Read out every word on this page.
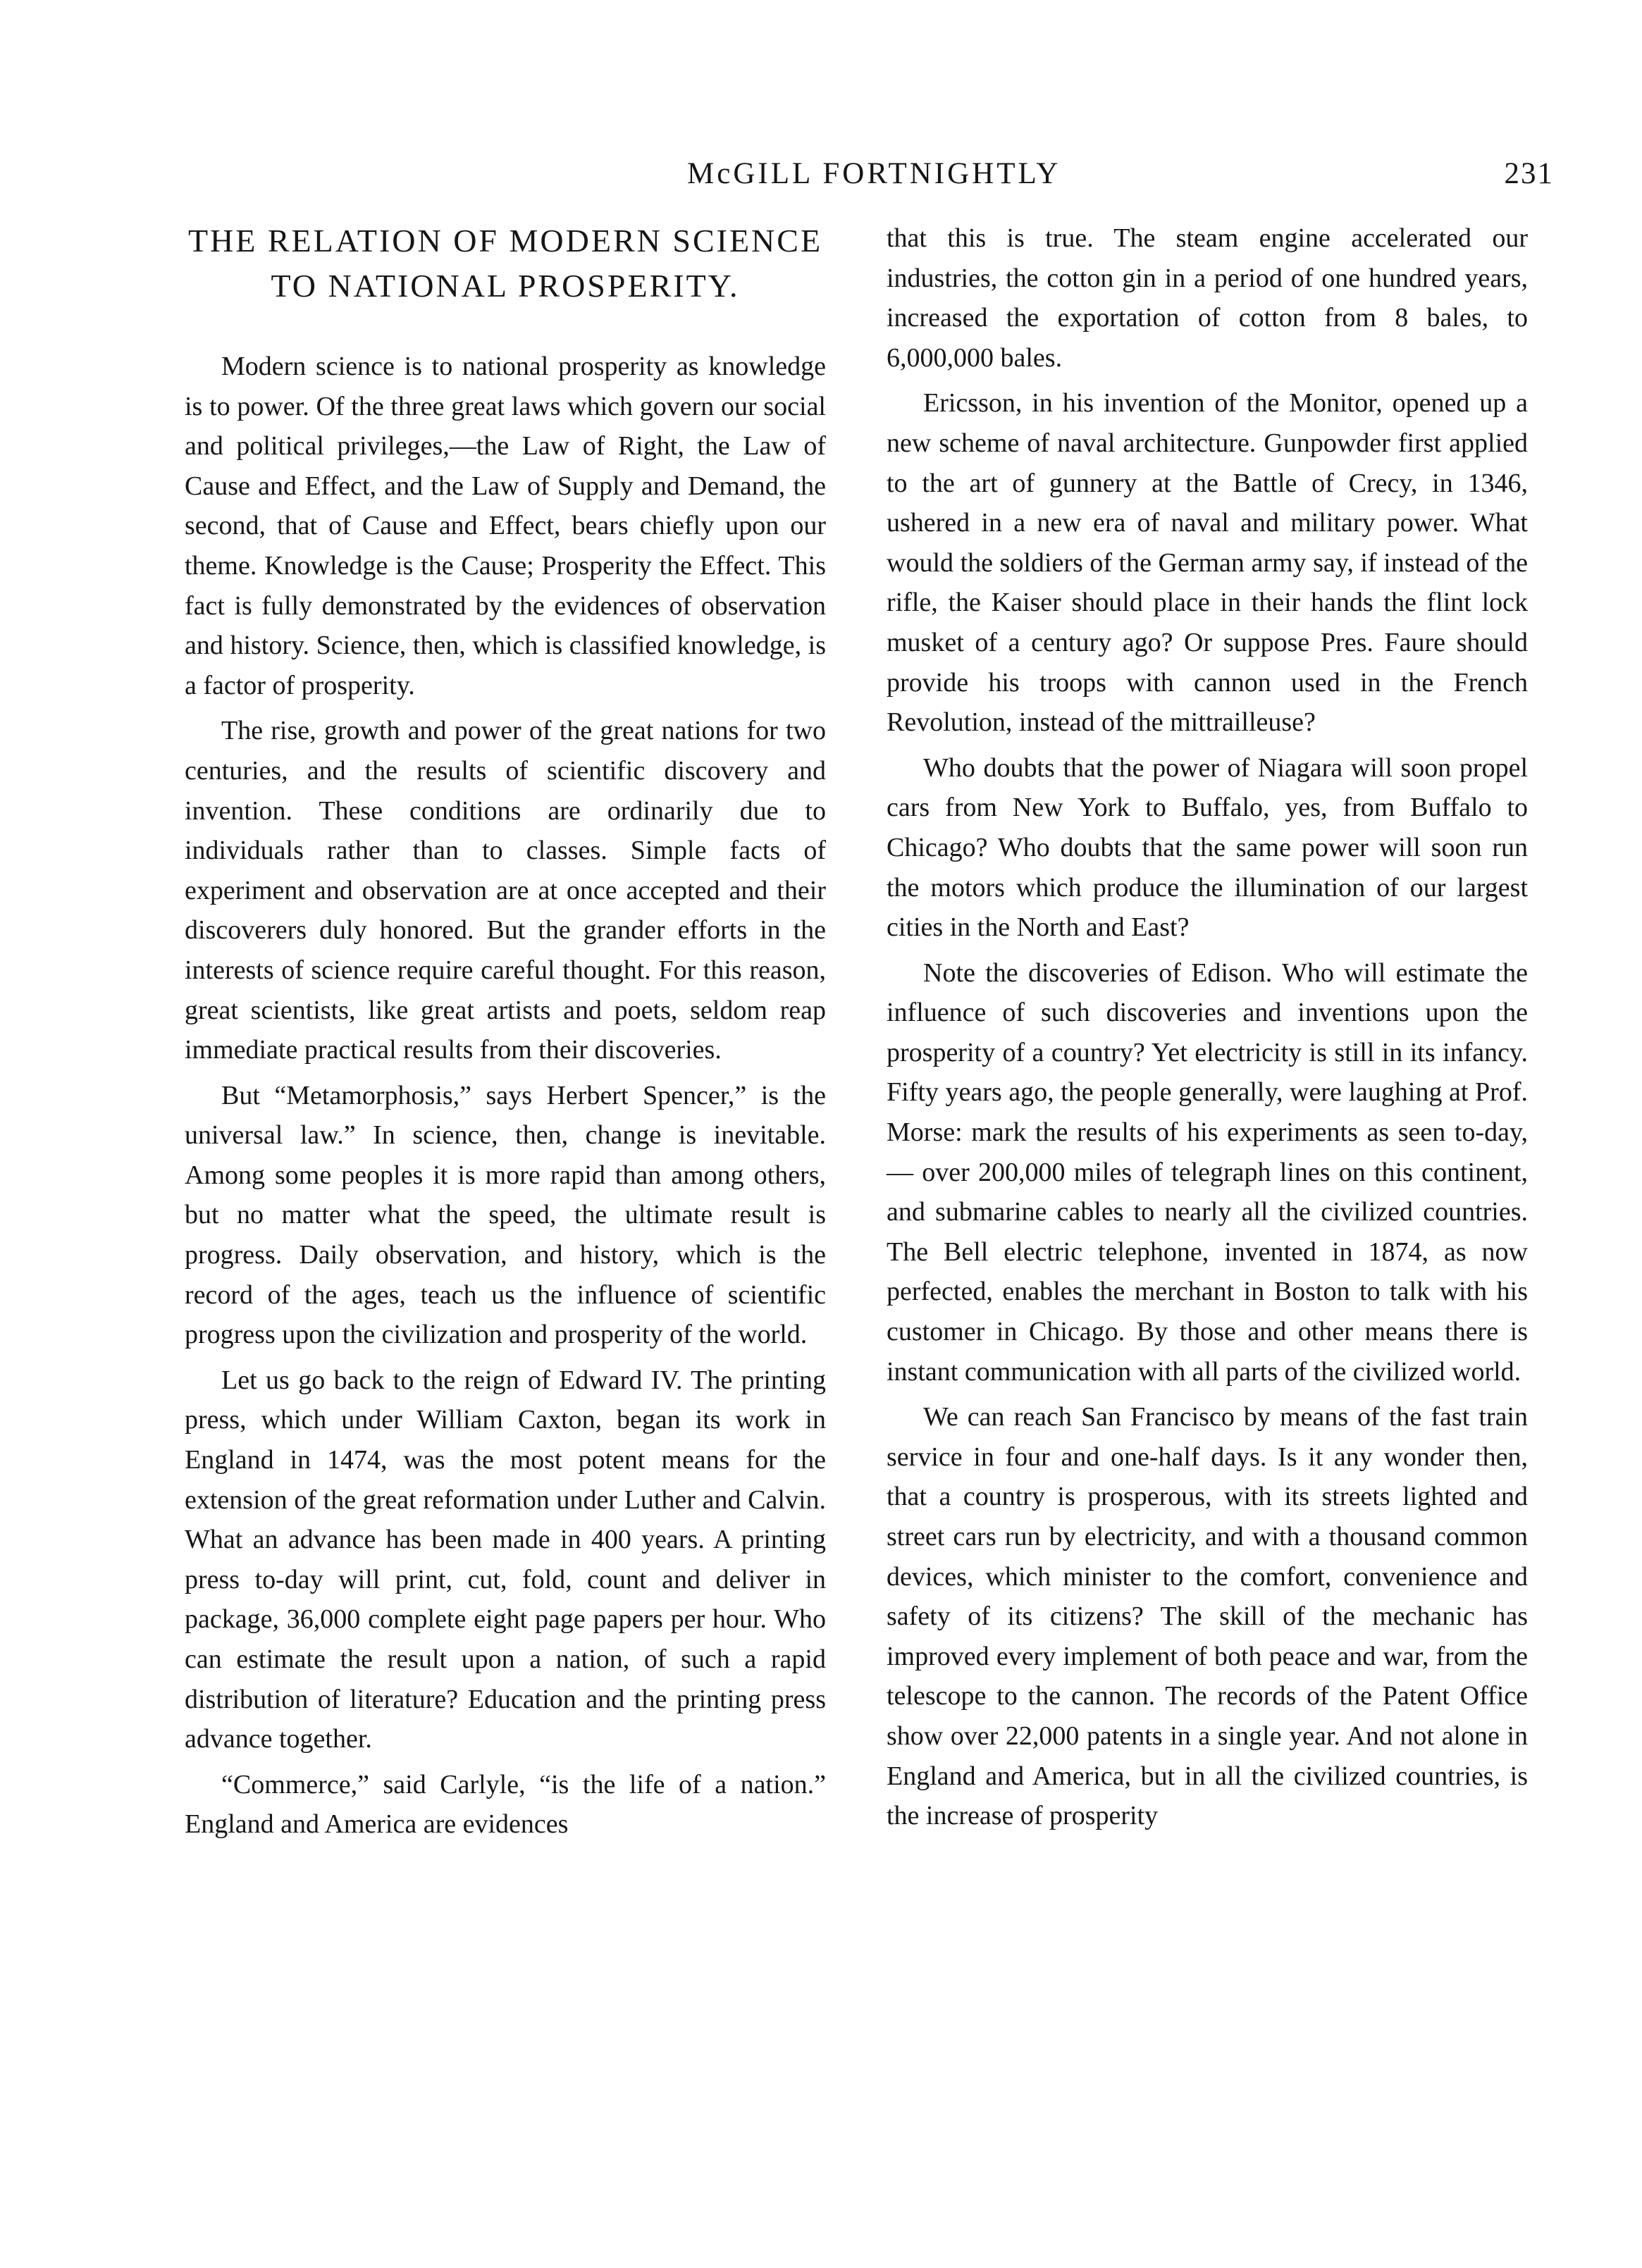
McGILL FORTNIGHTLY	231
THE RELATION OF MODERN SCIENCE
TO NATIONAL PROSPERITY.

Modern science is to national prosperity as knowledge is to power. Of the three great laws which govern our social and political privileges,—the Law of Right, the Law of Cause and Effect, and the Law of Supply and Demand, the second, that of Cause and Effect, bears chiefly upon our theme. Knowledge is the Cause; Prosperity the Effect. This fact is fully demonstrated by the evidences of observation and history. Science, then, which is classified knowledge, is a factor of prosperity.

The rise, growth and power of the great nations for two centuries, and the results of scientific discovery and invention. These conditions are ordinarily due to individuals rather than to classes. Simple facts of experiment and observation are at once accepted and their discoverers duly honored. But the grander efforts in the interests of science require careful thought. For this reason, great scientists, like great artists and poets, seldom reap immediate practical results from their discoveries.

But “Metamorphosis,” says Herbert Spencer,” is the universal law.” In science, then, change is inevitable. Among some peoples it is more rapid than among others, but no matter what the speed, the ultimate result is progress. Daily observation, and history, which is the record of the ages, teach us the influence of scientific progress upon the civilization and prosperity of the world.

Let us go back to the reign of Edward IV. The printing press, which under William Caxton, began its work in England in 1474, was the most potent means for the extension of the great reformation under Luther and Calvin. What an advance has been made in 400 years. A printing press to-day will print, cut, fold, count and deliver in package, 36,000 complete eight page papers per hour. Who can estimate the result upon a nation, of such a rapid distribution of literature? Education and the printing press advance together.

“Commerce,” said Carlyle, “is the life of a nation.” England and America are evidences

that this is true. The steam engine accelerated our industries, the cotton gin in a period of one hundred years, increased the exportation of cotton from 8 bales, to 6,000,000 bales.

Ericsson, in his invention of the Monitor, opened up a new scheme of naval architecture. Gunpowder first applied to the art of gunnery at the Battle of Crecy, in 1346, ushered in a new era of naval and military power. What would the soldiers of the German army say, if instead of the rifle, the Kaiser should place in their hands the flint lock musket of a century ago? Or suppose Pres. Faure should provide his troops with cannon used in the French Revolution, instead of the mittrailleuse?

Who doubts that the power of Niagara will soon propel cars from New York to Buffalo, yes, from Buffalo to Chicago? Who doubts that the same power will soon run the motors which produce the illumination of our largest cities in the North and East?

Note the discoveries of Edison. Who will estimate the influence of such discoveries and inventions upon the prosperity of a country? Yet electricity is still in its infancy. Fifty years ago, the people generally, were laughing at Prof. Morse: mark the results of his experiments as seen to-day,— over 200,000 miles of telegraph lines on this continent, and submarine cables to nearly all the civilized countries. The Bell electric telephone, invented in 1874, as now perfected, enables the merchant in Boston to talk with his customer in Chicago. By those and other means there is instant communication with all parts of the civilized world.

We can reach San Francisco by means of the fast train service in four and one-half days. Is it any wonder then, that a country is prosperous, with its streets lighted and street cars run by electricity, and with a thousand common devices, which minister to the comfort, convenience and safety of its citizens? The skill of the mechanic has improved every implement of both peace and war, from the telescope to the cannon. The records of the Patent Office show over 22,000 patents in a single year. And not alone in England and America, but in all the civilized countries, is the increase of prosperity
